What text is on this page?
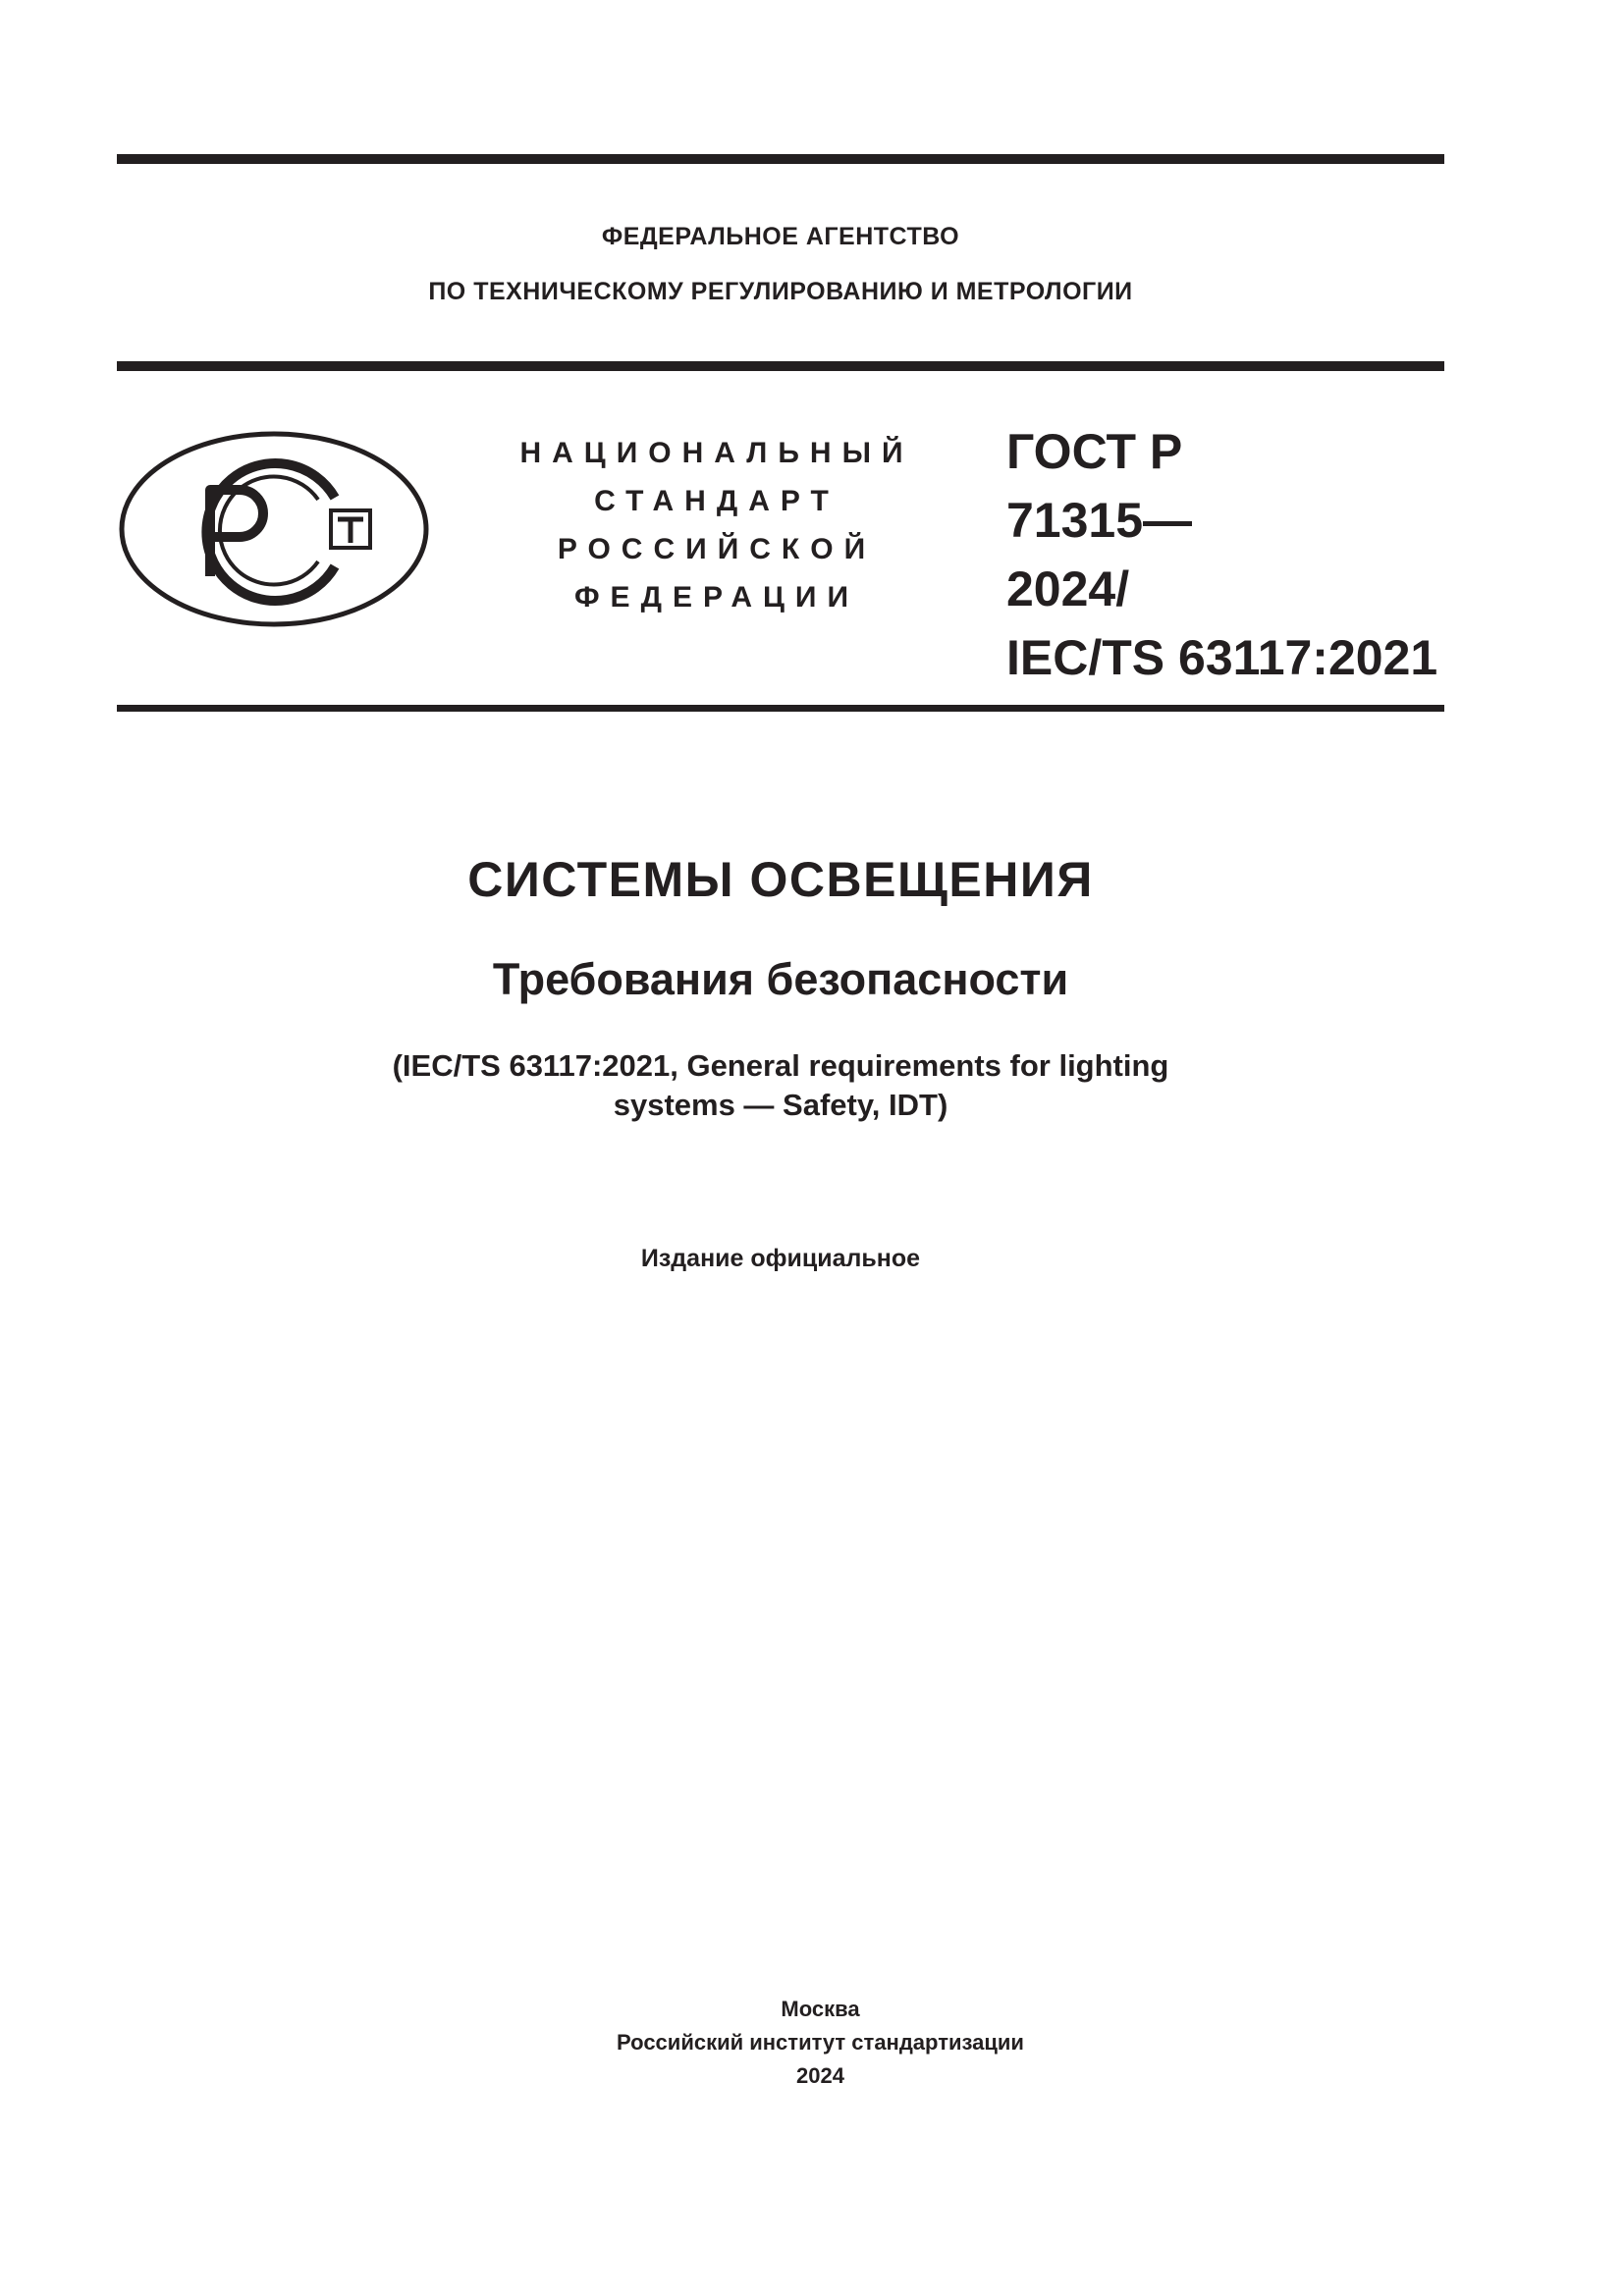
ФЕДЕРАЛЬНОЕ АГЕНТСТВО
ПО ТЕХНИЧЕСКОМУ РЕГУЛИРОВАНИЮ И МЕТРОЛОГИИ
НАЦИОНАЛЬНЫЙ
СТАНДАРТ
РОССИЙСКОЙ
ФЕДЕРАЦИИ
ГОСТ Р
71315—
2024/
IEC/TS 63117:2021
СИСТЕМЫ ОСВЕЩЕНИЯ
Требования безопасности
(IEC/TS 63117:2021, General requirements for lighting
systems — Safety, IDT)
Издание официальное
Москва
Российский институт стандартизации
2024
